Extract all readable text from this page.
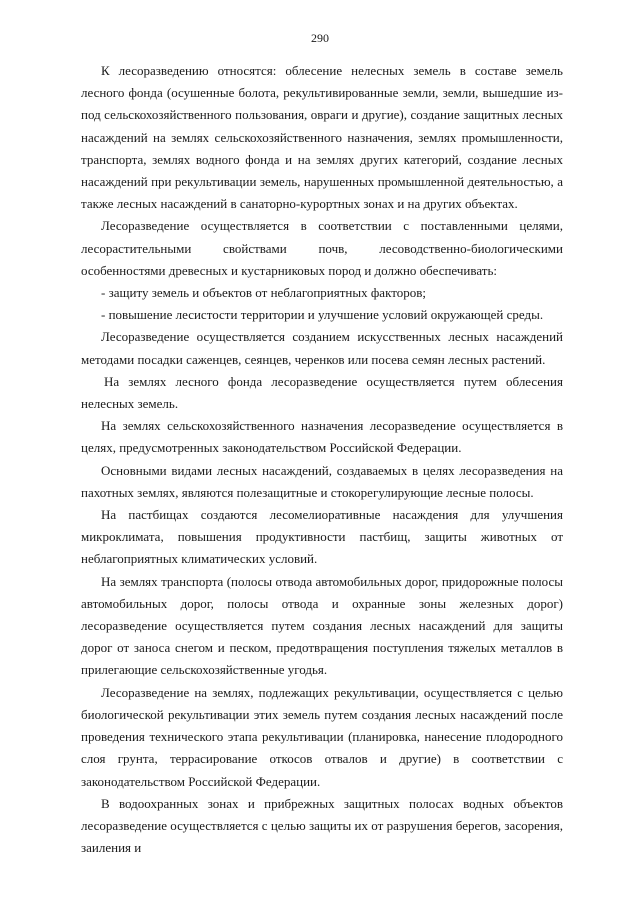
290

К лесоразведению относятся: облесение нелесных земель в составе земель лесного фонда (осушенные болота, рекультивированные земли, земли, вышедшие из-под сельскохозяйственного пользования, овраги и другие), создание защитных лесных насаждений на землях сельскохозяйственного назначения, землях промышленности, транспорта, землях водного фонда и на землях других категорий, создание лесных насаждений при рекультивации земель, нарушенных промышленной деятельностью, а также лесных насаждений в санаторно-курортных зонах и на других объектах.

Лесоразведение осуществляется в соответствии с поставленными целями, лесорастительными свойствами почв, лесоводственно-биологическими особенностями древесных и кустарниковых пород и должно обеспечивать:

- защиту земель и объектов от неблагоприятных факторов;

- повышение лесистости территории и улучшение условий окружающей среды.

Лесоразведение осуществляется созданием искусственных лесных насаждений методами посадки саженцев, сеянцев, черенков или посева семян лесных растений.

На землях лесного фонда лесоразведение осуществляется путем облесения нелесных земель.

На землях сельскохозяйственного назначения лесоразведение осуществляется в целях, предусмотренных законодательством Российской Федерации.

Основными видами лесных насаждений, создаваемых в целях лесоразведения на пахотных землях, являются полезащитные и стокорегулирующие лесные полосы.

На пастбищах создаются лесомелиоративные насаждения для улучшения микроклимата, повышения продуктивности пастбищ, защиты животных от неблагоприятных климатических условий.

На землях транспорта (полосы отвода автомобильных дорог, придорожные полосы автомобильных дорог, полосы отвода и охранные зоны железных дорог) лесоразведение осуществляется путем создания лесных насаждений для защиты дорог от заноса снегом и песком, предотвращения поступления тяжелых металлов в прилегающие сельскохозяйственные угодья.

Лесоразведение на землях, подлежащих рекультивации, осуществляется с целью биологической рекультивации этих земель путем создания лесных насаждений после проведения технического этапа рекультивации (планировка, нанесение плодородного слоя грунта, террасирование откосов отвалов и другие) в соответствии с законодательством Российской Федерации.

В водоохранных зонах и прибрежных защитных полосах водных объектов лесоразведение осуществляется с целью защиты их от разрушения берегов, засорения, заиления и
